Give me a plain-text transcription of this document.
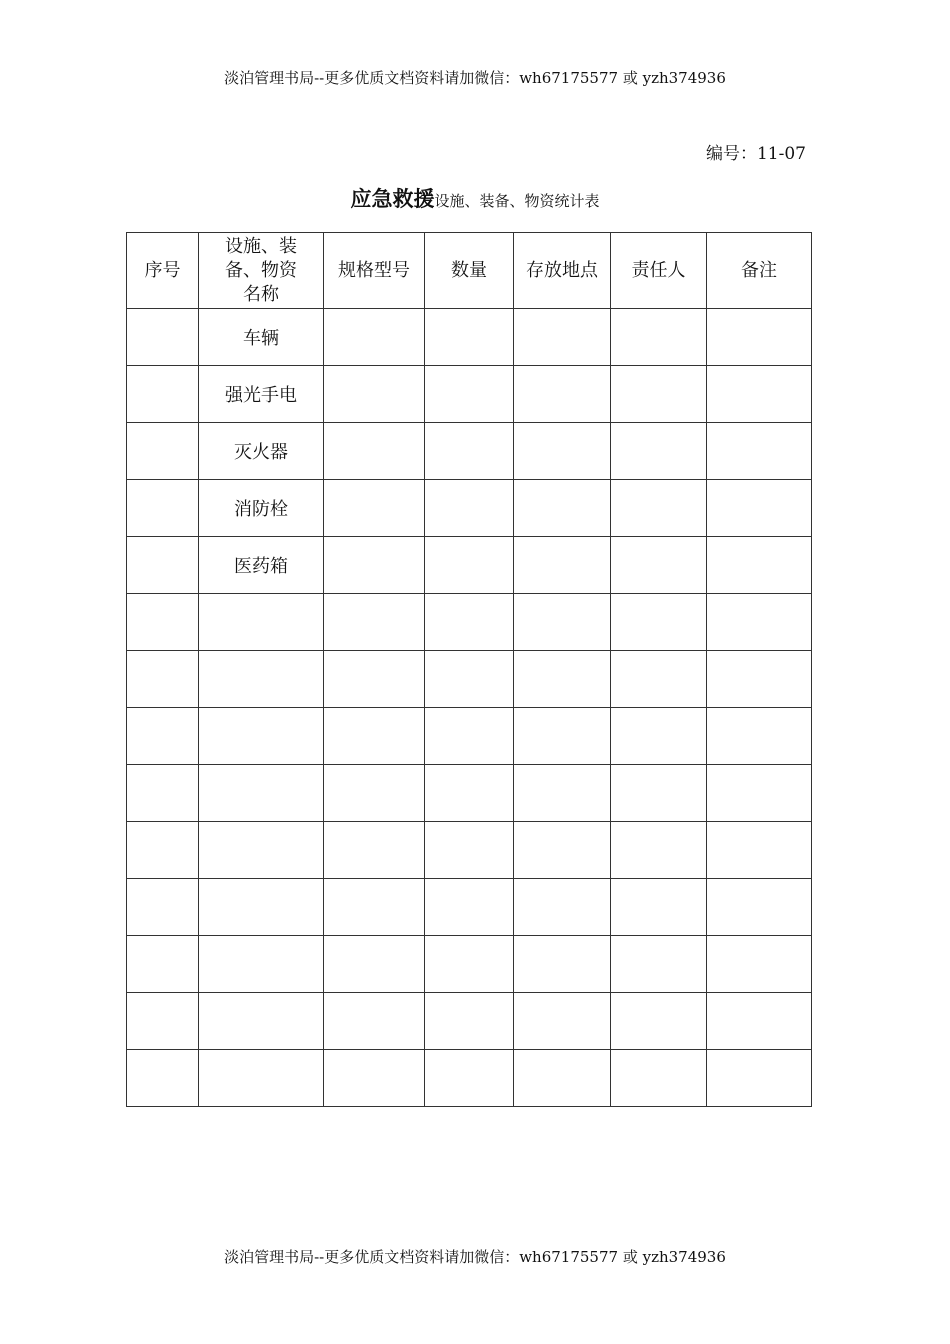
淡泊管理书局--更多优质文档资料请加微信：wh67175577 或 yzh374936
编号：11-07
应急救援设施、装备、物资统计表
序号	设施、装备、物资名称	规格型号	数量	存放地点	责任人	备注
	车辆					
	强光手电					
	灭火器					
	消防栓					
	医药箱					

淡泊管理书局--更多优质文档资料请加微信：wh67175577 或 yzh374936
